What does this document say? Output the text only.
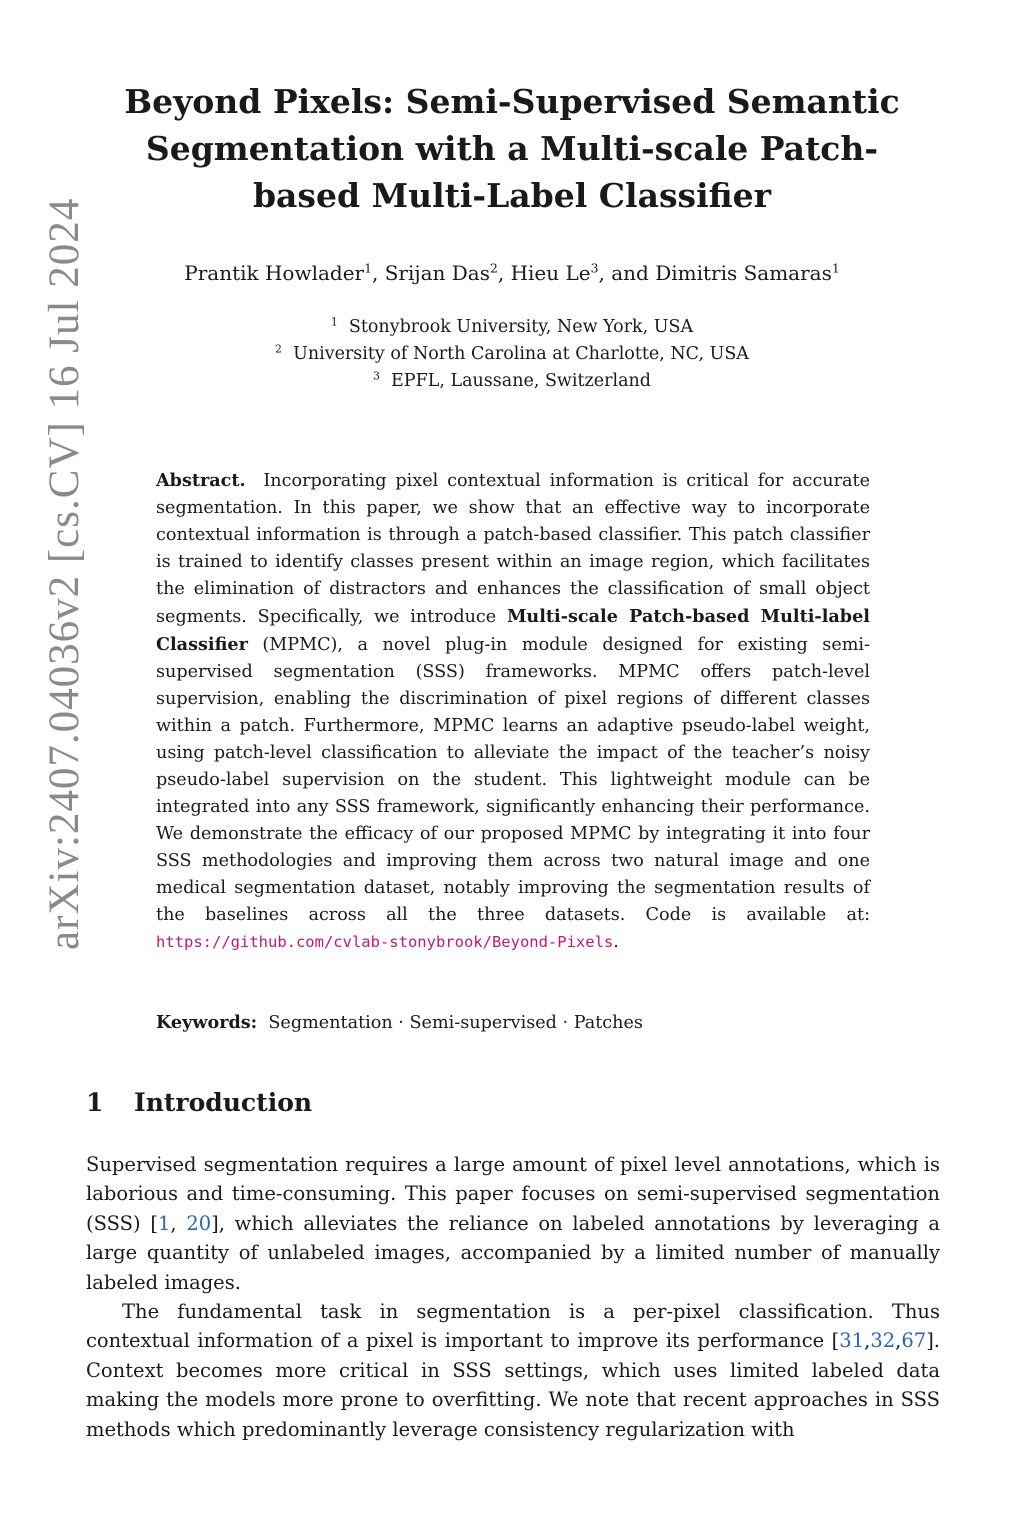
arXiv:2407.04036v2 [cs.CV] 16 Jul 2024
Beyond Pixels: Semi-Supervised Semantic Segmentation with a Multi-scale Patch-based Multi-Label Classifier
Prantik Howlader$^1$, Srijan Das$^2$, Hieu Le$^3$, and Dimitris Samaras$^1$
$^1$ Stonybrook University, New York, USA
$^2$ University of North Carolina at Charlotte, NC, USA
$^3$ EPFL, Laussane, Switzerland

Abstract. Incorporating pixel contextual information is critical for accurate segmentation. In this paper, we show that an effective way to incorporate contextual information is through a patch-based classifier. This patch classifier is trained to identify classes present within an image region, which facilitates the elimination of distractors and enhances the classification of small object segments. Specifically, we introduce Multi-scale Patch-based Multi-label Classifier (MPMC), a novel plug-in module designed for existing semi-supervised segmentation (SSS) frameworks. MPMC offers patch-level supervision, enabling the discrimination of pixel regions of different classes within a patch. Furthermore, MPMC learns an adaptive pseudo-label weight, using patch-level classification to alleviate the impact of the teacher’s noisy pseudo-label supervision on the student. This lightweight module can be integrated into any SSS framework, significantly enhancing their performance. We demonstrate the efficacy of our proposed MPMC by integrating it into four SSS methodologies and improving them across two natural image and one medical segmentation dataset, notably improving the segmentation results of the baselines across all the three datasets. Code is available at: https://github.com/cvlab-stonybrook/Beyond-Pixels.

Keywords: Segmentation · Semi-supervised · Patches
1 Introduction

Supervised segmentation requires a large amount of pixel level annotations, which is laborious and time-consuming. This paper focuses on semi-supervised segmentation (SSS) [1, 20], which alleviates the reliance on labeled annotations by leveraging a large quantity of unlabeled images, accompanied by a limited number of manually labeled images.

The fundamental task in segmentation is a per-pixel classification. Thus contextual information of a pixel is important to improve its performance [31,32,67]. Context becomes more critical in SSS settings, which uses limited labeled data making the models more prone to overfitting. We note that recent approaches in SSS methods which predominantly leverage consistency regularization with
